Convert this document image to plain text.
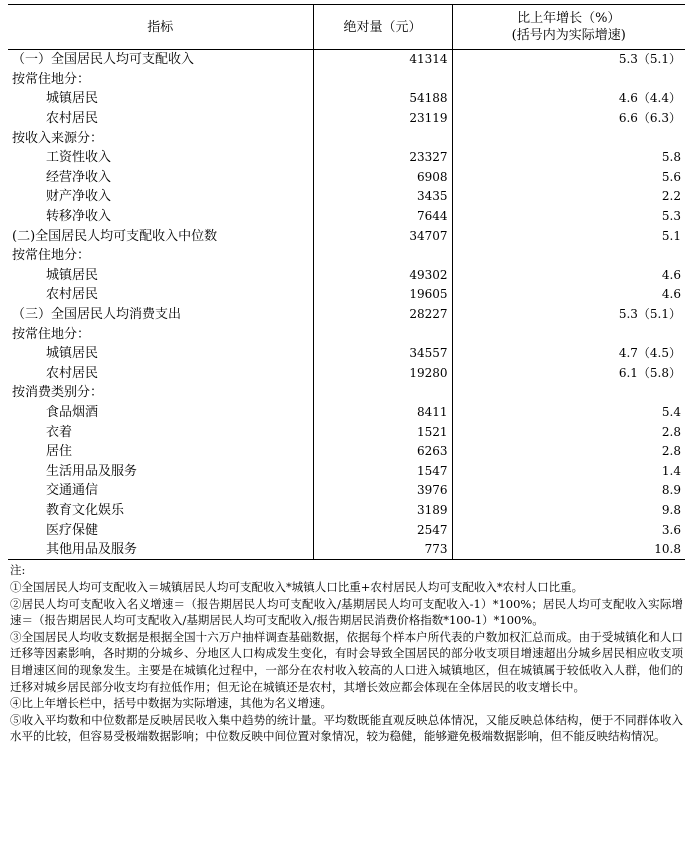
指标	绝对量（元）	比上年增长（%）
(括号内为实际增速)

（一）全国居民人均可支配收入	41314	5.3（5.1）
按常住地分：		
城镇居民	54188	4.6（4.4）
农村居民	23119	6.6（6.3）
按收入来源分：		
工资性收入	23327	5.8
经营净收入	6908	5.6
财产净收入	3435	2.2
转移净收入	7644	5.3
(二)全国居民人均可支配收入中位数	34707	5.1
按常住地分：		
城镇居民	49302	4.6
农村居民	19605	4.6
（三）全国居民人均消费支出	28227	5.3（5.1）
按常住地分：		
城镇居民	34557	4.7（4.5）
农村居民	19280	6.1（5.8）
按消费类别分：		
食品烟酒	8411	5.4
衣着	1521	2.8
居住	6263	2.8
生活用品及服务	1547	1.4
交通通信	3976	8.9
教育文化娱乐	3189	9.8
医疗保健	2547	3.6
其他用品及服务	773	10.8

注:

①全国居民人均可支配收入＝城镇居民人均可支配收入*城镇人口比重+农村居民人均可支配收入*农村人口比重。

②居民人均可支配收入名义增速＝（报告期居民人均可支配收入/基期居民人均可支配收入-1）*100%；居民人均可支配收入实际增速＝（报告期居民人均可支配收入/基期居民人均可支配收入/报告期居民消费价格指数*100-1）*100%。

③全国居民人均收支数据是根据全国十六万户抽样调查基础数据，依据每个样本户所代表的户数加权汇总而成。由于受城镇化和人口迁移等因素影响，各时期的分城乡、分地区人口构成发生变化，有时会导致全国居民的部分收支项目增速超出分城乡居民相应收支项目增速区间的现象发生。主要是在城镇化过程中，一部分在农村收入较高的人口进入城镇地区，但在城镇属于较低收入人群，他们的迁移对城乡居民部分收支均有拉低作用；但无论在城镇还是农村，其增长效应都会体现在全体居民的收支增长中。

④比上年增长栏中，括号中数据为实际增速，其他为名义增速。

⑤收入平均数和中位数都是反映居民收入集中趋势的统计量。平均数既能直观反映总体情况，又能反映总体结构，便于不同群体收入水平的比较，但容易受极端数据影响；中位数反映中间位置对象情况，较为稳健，能够避免极端数据影响，但不能反映结构情况。
